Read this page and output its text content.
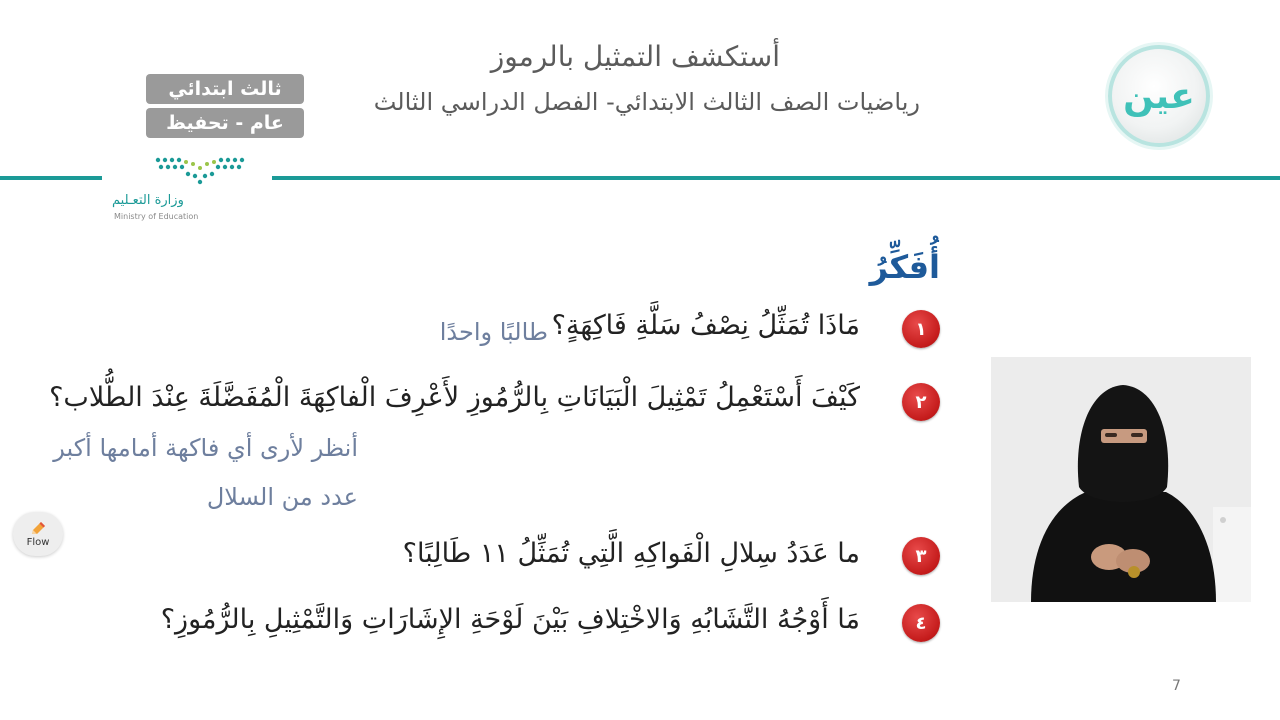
أستكشف التمثيل بالرموز
رياضيات الصف الثالث الابتدائي- الفصل الدراسي الثالث
ثالث ابتدائي
عام - تحفيظ
عين
وزارة التعـليم
Ministry of Education
أُفَكِّرُ
١
مَاذَا تُمَثِّلُ نِصْفُ سَلَّةِ فَاكِهَةٍ؟
طالبًا واحدًا
٢
كَيْفَ أَسْتَعْمِلُ تَمْثِيلَ الْبَيَانَاتِ بِالرُّمُوزِ لأَعْرِفَ الْفاكِهَةَ الْمُفَضَّلَةَ عِنْدَ الطُّلاب؟
أنظر لأرى أي فاكهة أمامها أكبر
عدد من السلال
٣
ما عَدَدُ سِلالِ الْفَواكِهِ الَّتِي تُمَثِّلُ ١١ طَالِبًا؟
٤
مَا أَوْجُهُ التَّشَابُهِ وَالاخْتِلافِ بَيْنَ لَوْحَةِ الإِشَارَاتِ وَالتَّمْثِيلِ بِالرُّمُوزِ؟
Flow
7
